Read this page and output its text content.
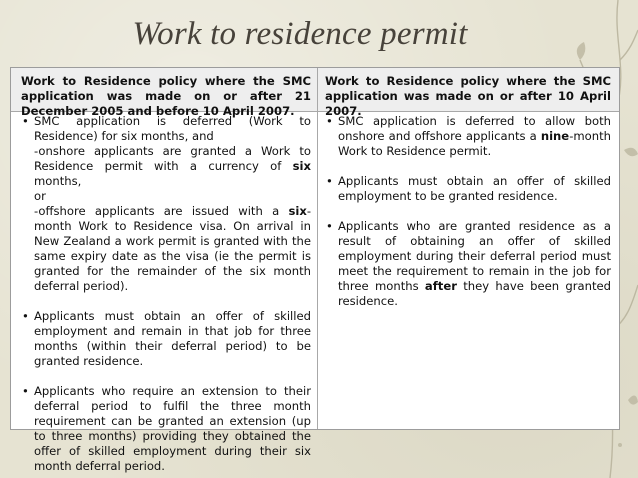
Work to residence permit
Work to Residence policy where the SMC application was made on or after 21 December 2005 and before 10 April 2007.
• SMC application is deferred (Work to Residence) for six months, and
-onshore applicants are granted a Work to Residence permit with a currency of six months,
or
-offshore applicants are issued with a six-month Work to Residence visa. On arrival in New Zealand a work permit is granted with the same expiry date as the visa (ie the permit is granted for the remainder of the six month deferral period).
• Applicants must obtain an offer of skilled employment and remain in that job for three months (within their deferral period) to be granted residence.
• Applicants who require an extension to their deferral period to fulfil the three month requirement can be granted an extension (up to three months) providing they obtained the offer of skilled employment during their six month deferral period.
Work to Residence policy where the SMC application was made on or after 10 April 2007.
• SMC application is deferred to allow both onshore and offshore applicants a nine-month Work to Residence permit.
• Applicants must obtain an offer of skilled employment to be granted residence.
• Applicants who are granted residence as a result of obtaining an offer of skilled employment during their deferral period must meet the requirement to remain in the job for three months after they have been granted residence.
